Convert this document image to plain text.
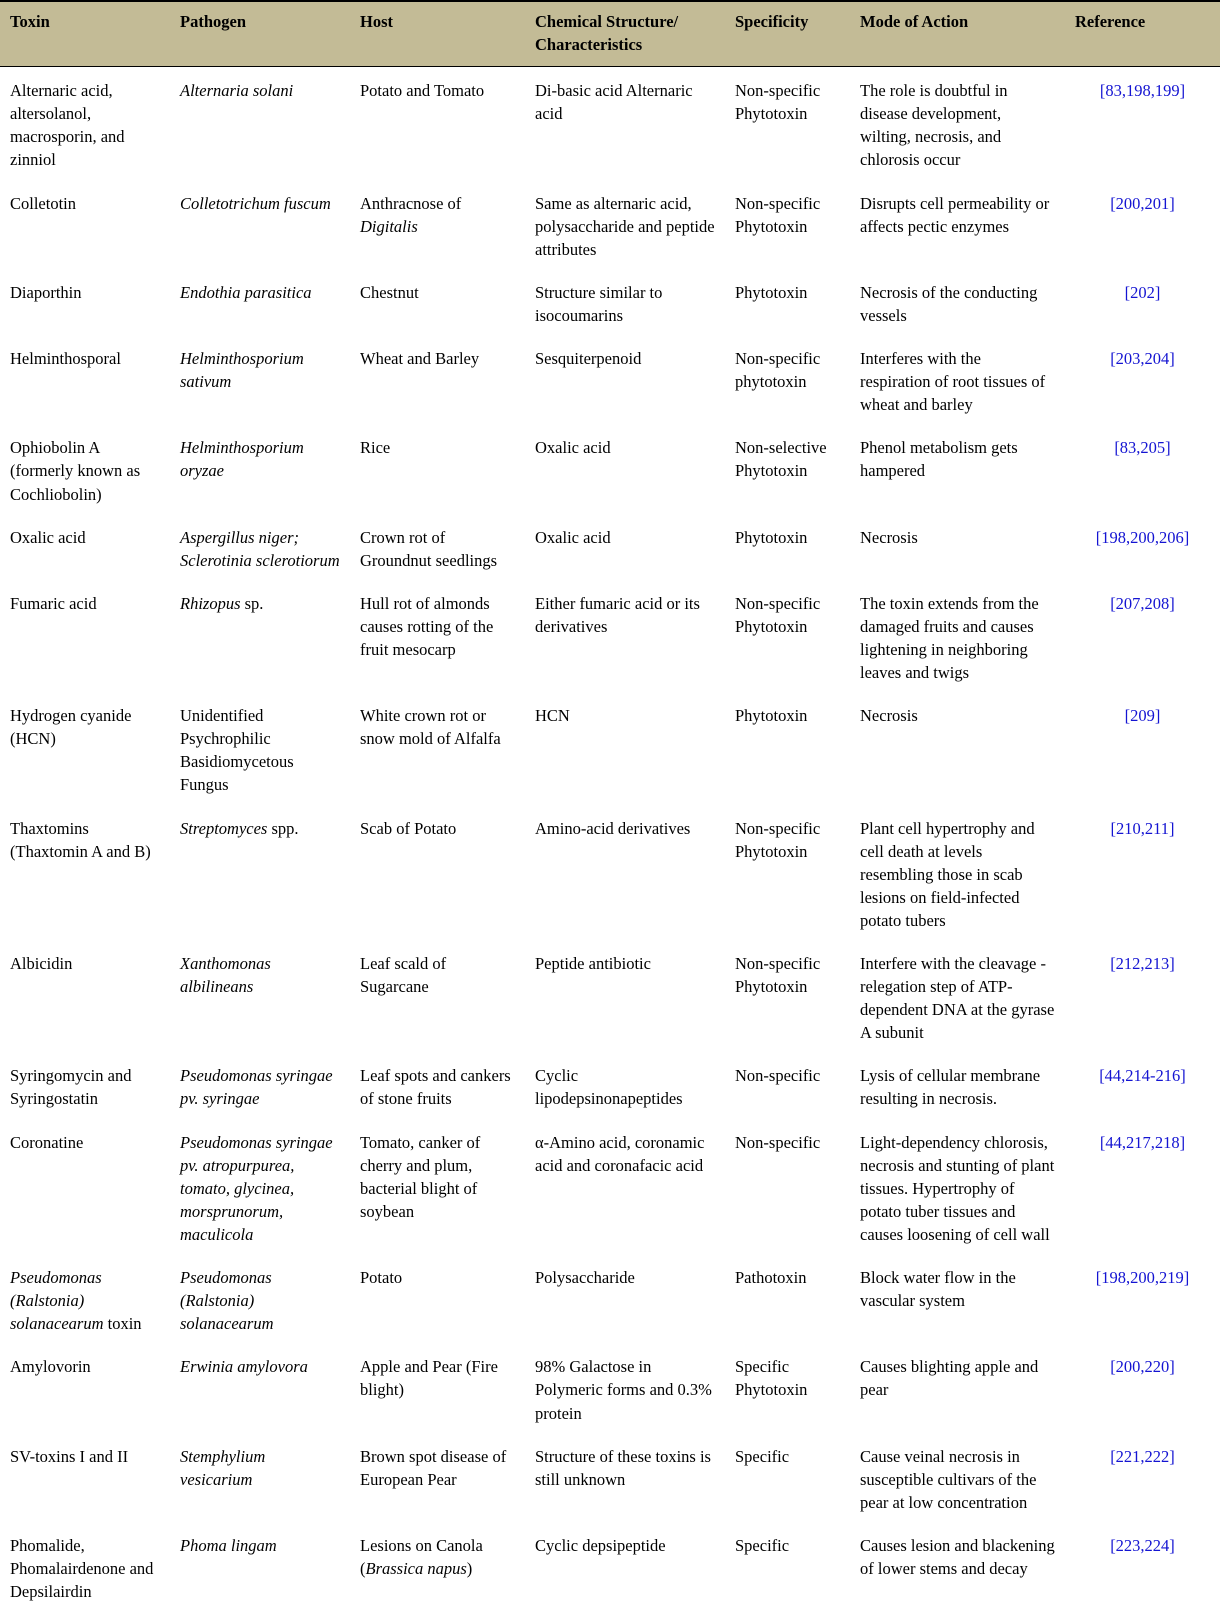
Toxin	Pathogen	Host	Chemical Structure/ Characteristics	Specificity	Mode of Action	Reference
Alternaric acid, altersolanol, macrosporin, and zinniol	Alternaria solani	Potato and Tomato	Di-basic acid Alternaric acid	Non-specific Phytotoxin	The role is doubtful in disease development, wilting, necrosis, and chlorosis occur	[83,198,199]

Colletotin	Colletotrichum fuscum	Anthracnose of Digitalis	Same as alternaric acid, polysaccharide and peptide attributes	Non-specific Phytotoxin	Disrupts cell permeability or affects pectic enzymes	[200,201]

Diaporthin	Endothia parasitica	Chestnut	Structure similar to isocoumarins	Phytotoxin	Necrosis of the conducting vessels	[202]

Helminthosporal	Helminthosporium sativum	Wheat and Barley	Sesquiterpenoid	Non-specific phytotoxin	Interferes with the respiration of root tissues of wheat and barley	[203,204]

Ophiobolin A (formerly known as Cochliobolin)	Helminthosporium oryzae	Rice	Oxalic acid	Non-selective Phytotoxin	Phenol metabolism gets hampered	[83,205]

Oxalic acid	Aspergillus niger; Sclerotinia sclerotiorum	Crown rot of Groundnut seedlings	Oxalic acid	Phytotoxin	Necrosis	[198,200,206]

Fumaric acid	Rhizopus sp.	Hull rot of almonds causes rotting of the fruit mesocarp	Either fumaric acid or its derivatives	Non-specific Phytotoxin	The toxin extends from the damaged fruits and causes lightening in neighboring leaves and twigs	[207,208]

Hydrogen cyanide (HCN)	Unidentified Psychrophilic Basidiomycetous Fungus	White crown rot or snow mold of Alfalfa	HCN	Phytotoxin	Necrosis	[209]

Thaxtomins (Thaxtomin A and B)	Streptomyces spp.	Scab of Potato	Amino-acid derivatives	Non-specific Phytotoxin	Plant cell hypertrophy and cell death at levels resembling those in scab lesions on field-infected potato tubers	[210,211]

Albicidin	Xanthomonas albilineans	Leaf scald of Sugarcane	Peptide antibiotic	Non-specific Phytotoxin	Interfere with the cleavage -relegation step of ATP-dependent DNA at the gyrase A subunit	[212,213]

Syringomycin and Syringostatin	Pseudomonas syringae pv. syringae	Leaf spots and cankers of stone fruits	Cyclic lipodepsinonapeptides	Non-specific	Lysis of cellular membrane resulting in necrosis.	[44,214-216]

Coronatine	Pseudomonas syringae pv. atropurpurea, tomato, glycinea, morsprunorum, maculicola	Tomato, canker of cherry and plum, bacterial blight of soybean	α-Amino acid, coronamic acid and coronafacic acid	Non-specific	Light-dependency chlorosis, necrosis and stunting of plant tissues. Hypertrophy of potato tuber tissues and causes loosening of cell wall	[44,217,218]

Pseudomonas (Ralstonia) solanacearum toxin	Pseudomonas (Ralstonia) solanacearum	Potato	Polysaccharide	Pathotoxin	Block water flow in the vascular system	[198,200,219]

Amylovorin	Erwinia amylovora	Apple and Pear (Fire blight)	98% Galactose in Polymeric forms and 0.3% protein	Specific Phytotoxin	Causes blighting apple and pear	[200,220]

SV-toxins I and II	Stemphylium vesicarium	Brown spot disease of European Pear	Structure of these toxins is still unknown	Specific	Cause veinal necrosis in susceptible cultivars of the pear at low concentration	[221,222]

Phomalide, Phomalairdenone and Depsilairdin	Phoma lingam	Lesions on Canola (Brassica napus)	Cyclic depsipeptide	Specific	Causes lesion and blackening of lower stems and decay	[223,224]
